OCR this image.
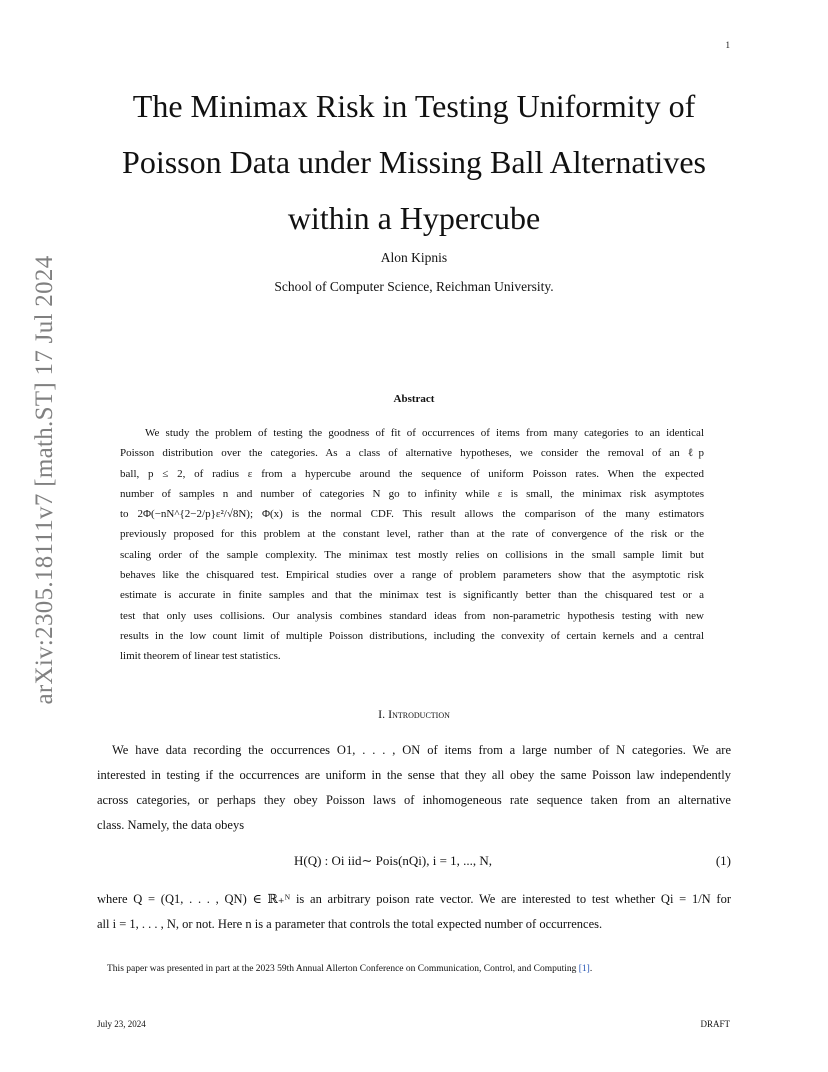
1
arXiv:2305.18111v7 [math.ST] 17 Jul 2024
The Minimax Risk in Testing Uniformity of
Poisson Data under Missing Ball Alternatives
within a Hypercube
Alon Kipnis
School of Computer Science, Reichman University.
Abstract
We study the problem of testing the goodness of fit of occurrences of items from many categories to an identical
Poisson distribution over the categories. As a class of alternative hypotheses, we consider the removal of an ℓp
ball, p ≤ 2, of radius ε from a hypercube around the sequence of uniform Poisson rates. When the expected
number of samples n and number of categories N go to infinity while ε is small, the minimax risk asymptotes
to 2Φ(−nN^{2−2/p}ε²/√8N); Φ(x) is the normal CDF. This result allows the comparison of the many estimators
previously proposed for this problem at the constant level, rather than at the rate of convergence of the risk or the
scaling order of the sample complexity. The minimax test mostly relies on collisions in the small sample limit but
behaves like the chisquared test. Empirical studies over a range of problem parameters show that the asymptotic risk
estimate is accurate in finite samples and that the minimax test is significantly better than the chisquared test or a
test that only uses collisions. Our analysis combines standard ideas from non-parametric hypothesis testing with new
results in the low count limit of multiple Poisson distributions, including the convexity of certain kernels and a central
limit theorem of linear test statistics.
I. Introduction
We have data recording the occurrences O1, . . . , ON of items from a large number of N categories. We are
interested in testing if the occurrences are uniform in the sense that they all obey the same Poisson law independently
across categories, or perhaps they obey Poisson laws of inhomogeneous rate sequence taken from an alternative
class. Namely, the data obeys
H(Q) : Oi iid∼ Pois(nQi), i = 1, ..., N,	(1)
where Q = (Q1, . . . , QN) ∈ ℝ₊ᴺ is an arbitrary poison rate vector. We are interested to test whether Qi = 1/N for
all i = 1, . . . , N, or not. Here n is a parameter that controls the total expected number of occurrences.
This paper was presented in part at the 2023 59th Annual Allerton Conference on Communication, Control, and Computing [1].
July 23, 2024	DRAFT
